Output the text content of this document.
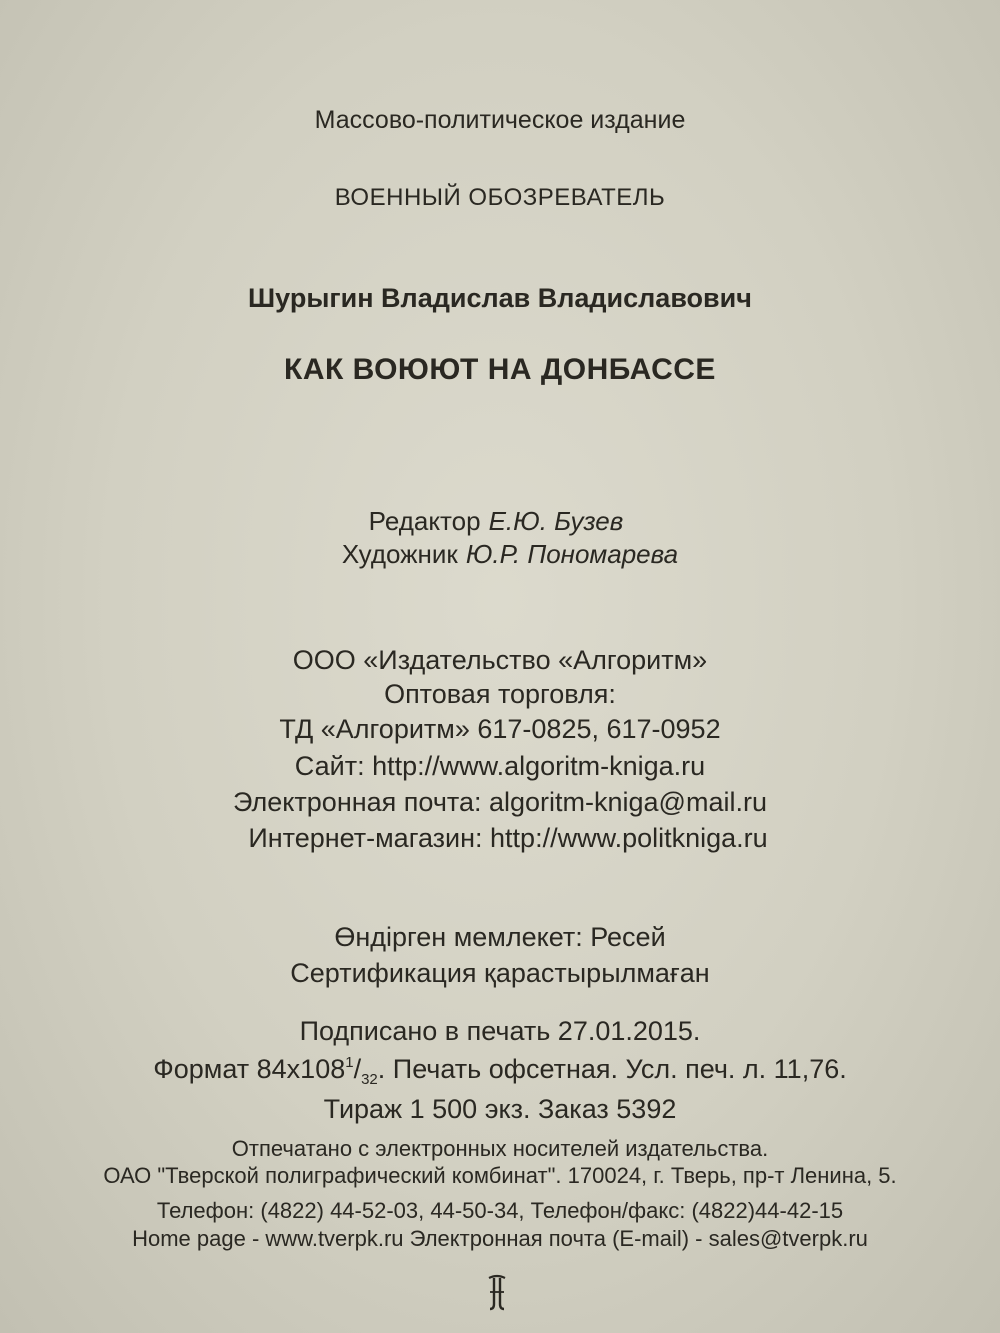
Массово-политическое издание

ВОЕННЫЙ ОБОЗРЕВАТЕЛЬ

Шурыгин Владислав Владиславович

КАК ВОЮЮТ НА ДОНБАССЕ

Редактор Е.Ю. Бузев

Художник Ю.Р. Пономарева

ООО «Издательство «Алгоритм»

Оптовая торговля:

ТД «Алгоритм» 617-0825, 617-0952

Сайт: http://www.algoritm-kniga.ru

Электронная почта: algoritm-kniga@mail.ru

Интернет-магазин: http://www.politkniga.ru

Өндірген мемлекет: Ресей

Сертификация қарастырылмаған

Подписано в печать 27.01.2015.

Формат $84x108^1/_{32}$. Печать офсетная. Усл. печ. л. 11,76.

Тираж 1 500 экз. Заказ 5392

Отпечатано с электронных носителей издательства.

ОАО "Тверской полиграфический комбинат". 170024, г. Тверь, пр-т Ленина, 5.

Телефон: (4822) 44-52-03, 44-50-34, Телефон/факс: (4822)44-42-15

Home page - www.tverpk.ru Электронная почта (E-mail) - sales@tverpk.ru
